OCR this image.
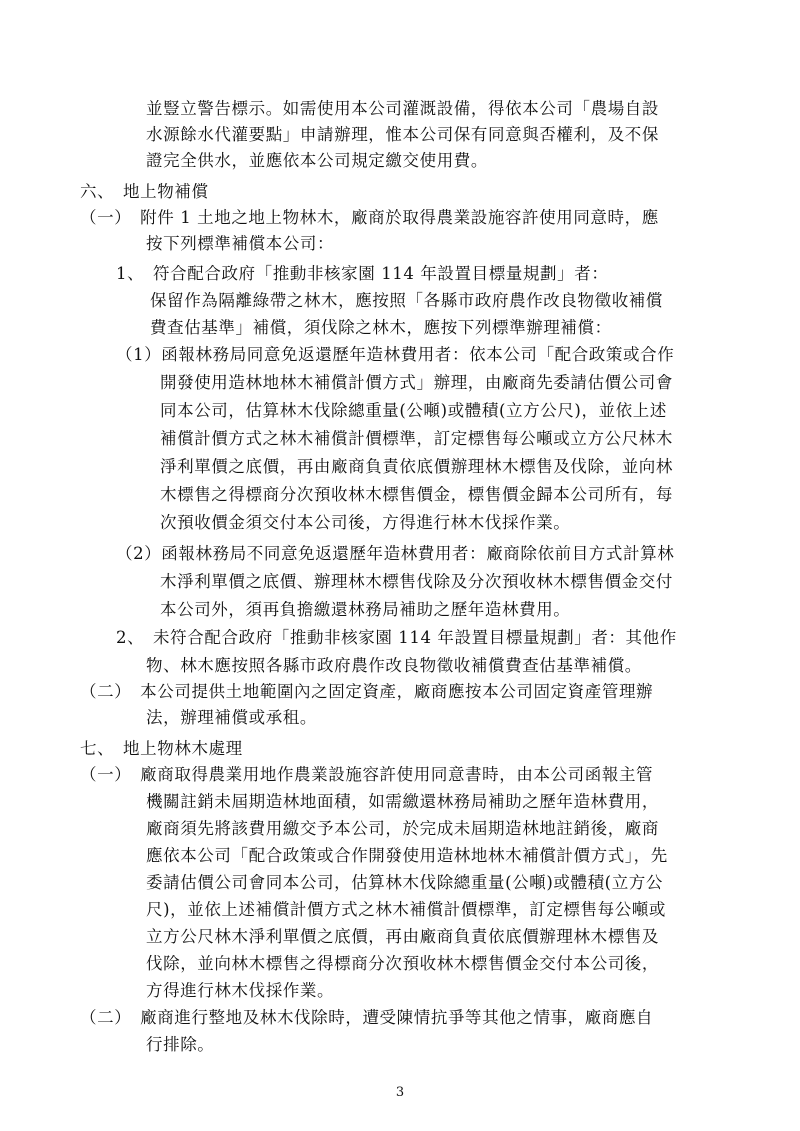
並豎立警告標示。如需使用本公司灌溉設備，得依本公司「農場自設
水源餘水代灌要點」申請辦理，惟本公司保有同意與否權利，及不保
證完全供水，並應依本公司規定繳交使用費。
六、　地上物補償
（一）　附件 1 土地之地上物林木，廠商於取得農業設施容許使用同意時，應
按下列標準補償本公司：
1、　符合配合政府「推動非核家園 114 年設置目標量規劃」者：
保留作為隔離綠帶之林木，應按照「各縣市政府農作改良物徵收補償
費查估基準」補償，須伐除之林木，應按下列標準辦理補償：
（1）函報林務局同意免返還歷年造林費用者：依本公司「配合政策或合作
開發使用造林地林木補償計價方式」辦理，由廠商先委請估價公司會
同本公司，估算林木伐除總重量(公噸)或體積(立方公尺)，並依上述
補償計價方式之林木補償計價標準，訂定標售每公噸或立方公尺林木
淨利單價之底價，再由廠商負責依底價辦理林木標售及伐除，並向林
木標售之得標商分次預收林木標售價金，標售價金歸本公司所有，每
次預收價金須交付本公司後，方得進行林木伐採作業。
（2）函報林務局不同意免返還歷年造林費用者：廠商除依前目方式計算林
木淨利單價之底價、辦理林木標售伐除及分次預收林木標售價金交付
本公司外，須再負擔繳還林務局補助之歷年造林費用。
2、　未符合配合政府「推動非核家園 114 年設置目標量規劃」者：其他作
物、林木應按照各縣市政府農作改良物徵收補償費查估基準補償。
（二）　本公司提供土地範圍內之固定資產，廠商應按本公司固定資產管理辦
法，辦理補償或承租。
七、　地上物林木處理
（一）　廠商取得農業用地作農業設施容許使用同意書時，由本公司函報主管
機關註銷未屆期造林地面積，如需繳還林務局補助之歷年造林費用，
廠商須先將該費用繳交予本公司，於完成未屆期造林地註銷後，廠商
應依本公司「配合政策或合作開發使用造林地林木補償計價方式」，先
委請估價公司會同本公司，估算林木伐除總重量(公噸)或體積(立方公
尺)，並依上述補償計價方式之林木補償計價標準，訂定標售每公噸或
立方公尺林木淨利單價之底價，再由廠商負責依底價辦理林木標售及
伐除，並向林木標售之得標商分次預收林木標售價金交付本公司後，
方得進行林木伐採作業。
（二）　廠商進行整地及林木伐除時，遭受陳情抗爭等其他之情事，廠商應自
行排除。
3
